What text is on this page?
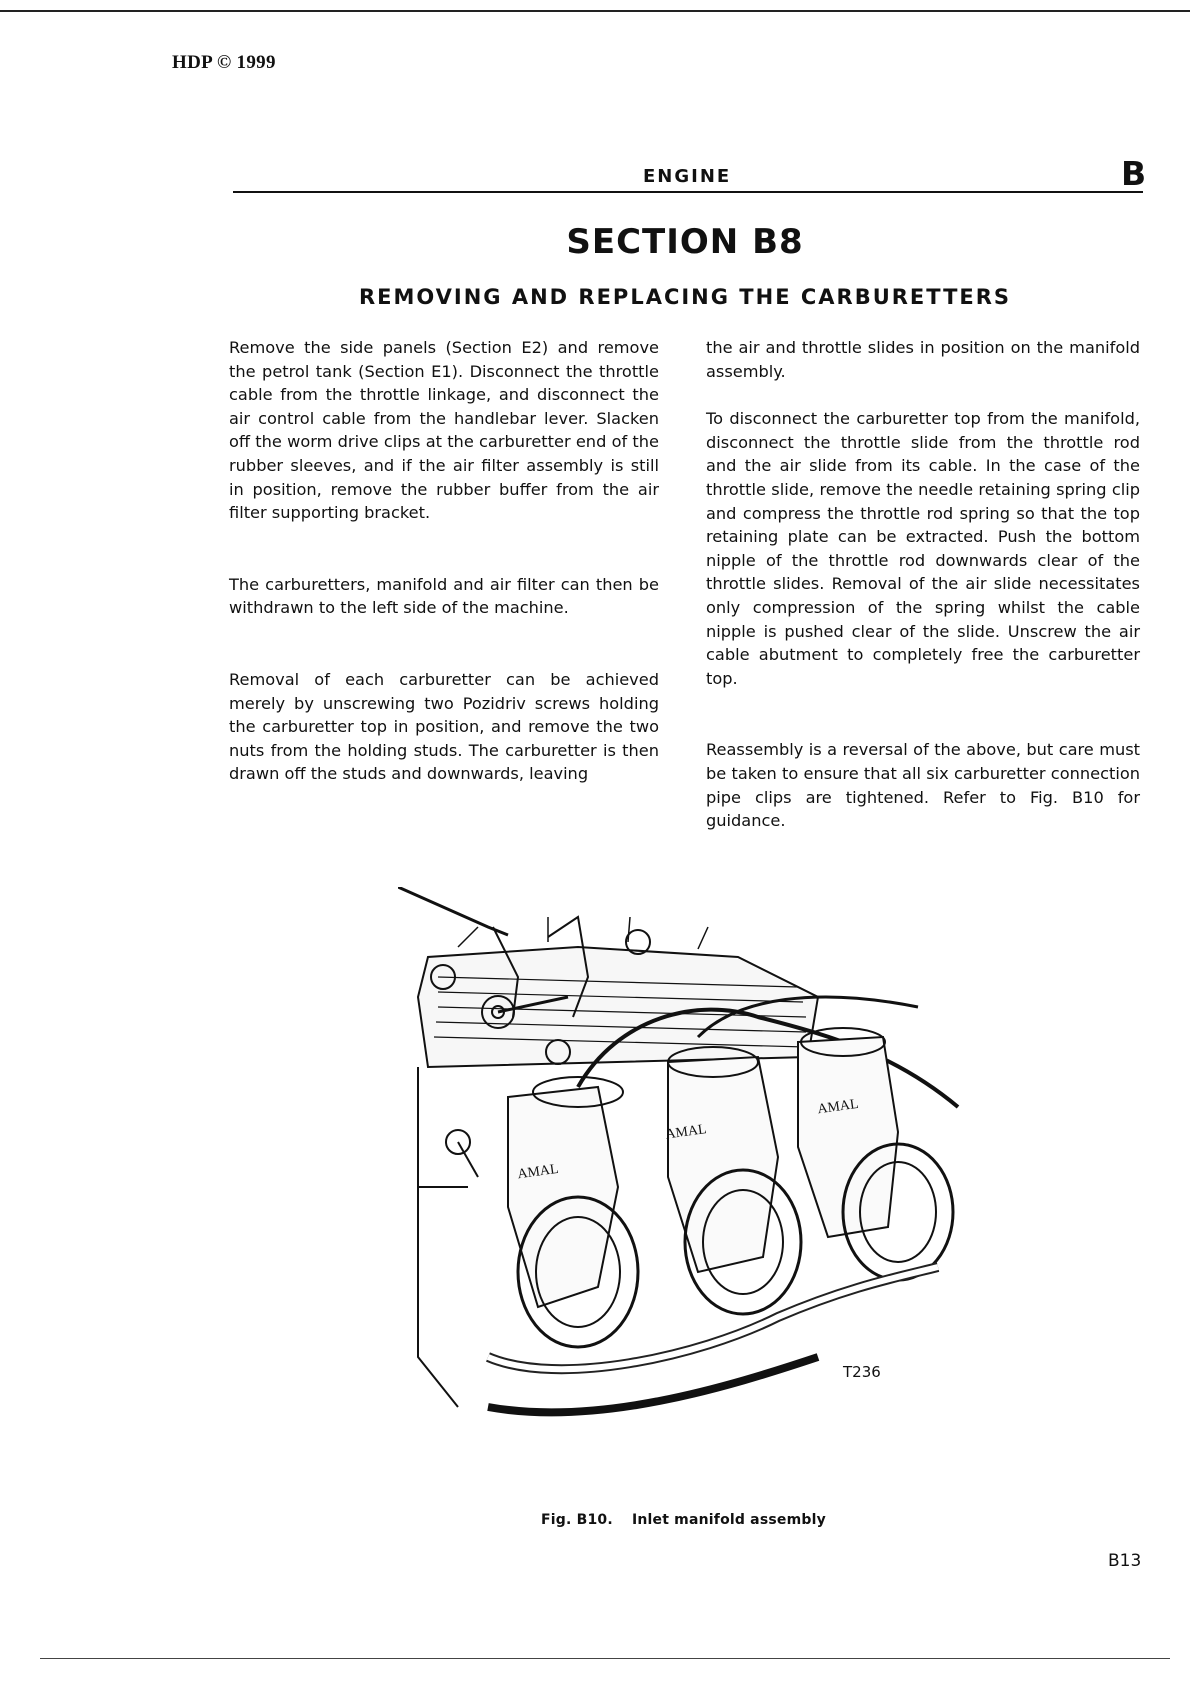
HDP © 1999
ENGINE	B
SECTION B8
REMOVING AND REPLACING THE CARBURETTERS

Remove the side panels (Section E2) and remove the petrol tank (Section E1). Disconnect the throttle cable from the throttle linkage, and disconnect the air control cable from the handlebar lever. Slacken off the worm drive clips at the carburetter end of the rubber sleeves, and if the air filter assembly is still in position, remove the rubber buffer from the air filter supporting bracket.

The carburetters, manifold and air filter can then be withdrawn to the left side of the machine.

Removal of each carburetter can be achieved merely by unscrewing two Pozidriv screws holding the carburetter top in position, and remove the two nuts from the holding studs. The carburetter is then drawn off the studs and downwards, leaving

the air and throttle slides in position on the manifold assembly.

To disconnect the carburetter top from the manifold, disconnect the throttle slide from the throttle rod and the air slide from its cable. In the case of the throttle slide, remove the needle retaining spring clip and compress the throttle rod spring so that the top retaining plate can be extracted. Push the bottom nipple of the throttle rod downwards clear of the throttle slides. Removal of the air slide necessitates only compression of the spring whilst the cable nipple is pushed clear of the slide. Unscrew the air cable abutment to completely free the carburetter top.

Reassembly is a reversal of the above, but care must be taken to ensure that all six carburetter connection pipe clips are tightened. Refer to Fig. B10 for guidance.

AMAL
AMAL
AMAL
T236
Fig. B10. Inlet manifold assembly
B13
